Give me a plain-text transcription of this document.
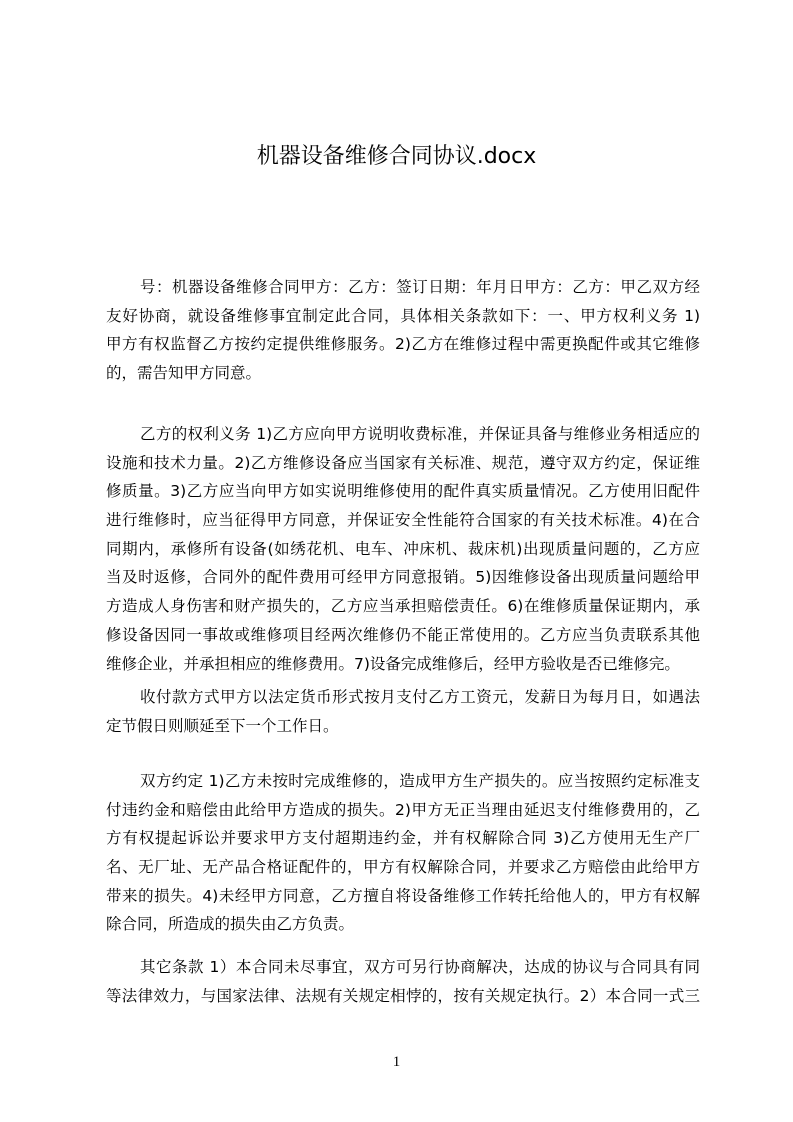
机器设备维修合同协议.docx
号：机器设备维修合同甲方：乙方：签订日期：年月日甲方：乙方：甲乙双方经
友好协商，就设备维修事宜制定此合同，具体相关条款如下：一、甲方权利义务 1)
甲方有权监督乙方按约定提供维修服务。2)乙方在维修过程中需更换配件或其它维修
的，需告知甲方同意。
乙方的权利义务 1)乙方应向甲方说明收费标准，并保证具备与维修业务相适应的
设施和技术力量。2)乙方维修设备应当国家有关标准、规范，遵守双方约定，保证维
修质量。3)乙方应当向甲方如实说明维修使用的配件真实质量情况。乙方使用旧配件
进行维修时，应当征得甲方同意，并保证安全性能符合国家的有关技术标准。4)在合
同期内，承修所有设备(如绣花机、电车、冲床机、裁床机)出现质量问题的，乙方应
当及时返修，合同外的配件费用可经甲方同意报销。5)因维修设备出现质量问题给甲
方造成人身伤害和财产损失的，乙方应当承担赔偿责任。6)在维修质量保证期内，承
修设备因同一事故或维修项目经两次维修仍不能正常使用的。乙方应当负责联系其他
维修企业，并承担相应的维修费用。7)设备完成维修后，经甲方验收是否已维修完。
收付款方式甲方以法定货币形式按月支付乙方工资元，发薪日为每月日，如遇法
定节假日则顺延至下一个工作日。
双方约定 1)乙方未按时完成维修的，造成甲方生产损失的。应当按照约定标准支
付违约金和赔偿由此给甲方造成的损失。2)甲方无正当理由延迟支付维修费用的，乙
方有权提起诉讼并要求甲方支付超期违约金，并有权解除合同 3)乙方使用无生产厂
名、无厂址、无产品合格证配件的，甲方有权解除合同，并要求乙方赔偿由此给甲方
带来的损失。4)未经甲方同意，乙方擅自将设备维修工作转托给他人的，甲方有权解
除合同，所造成的损失由乙方负责。
其它条款 1）本合同未尽事宜，双方可另行协商解决，达成的协议与合同具有同
等法律效力，与国家法律、法规有关规定相悖的，按有关规定执行。2）本合同一式三
1
